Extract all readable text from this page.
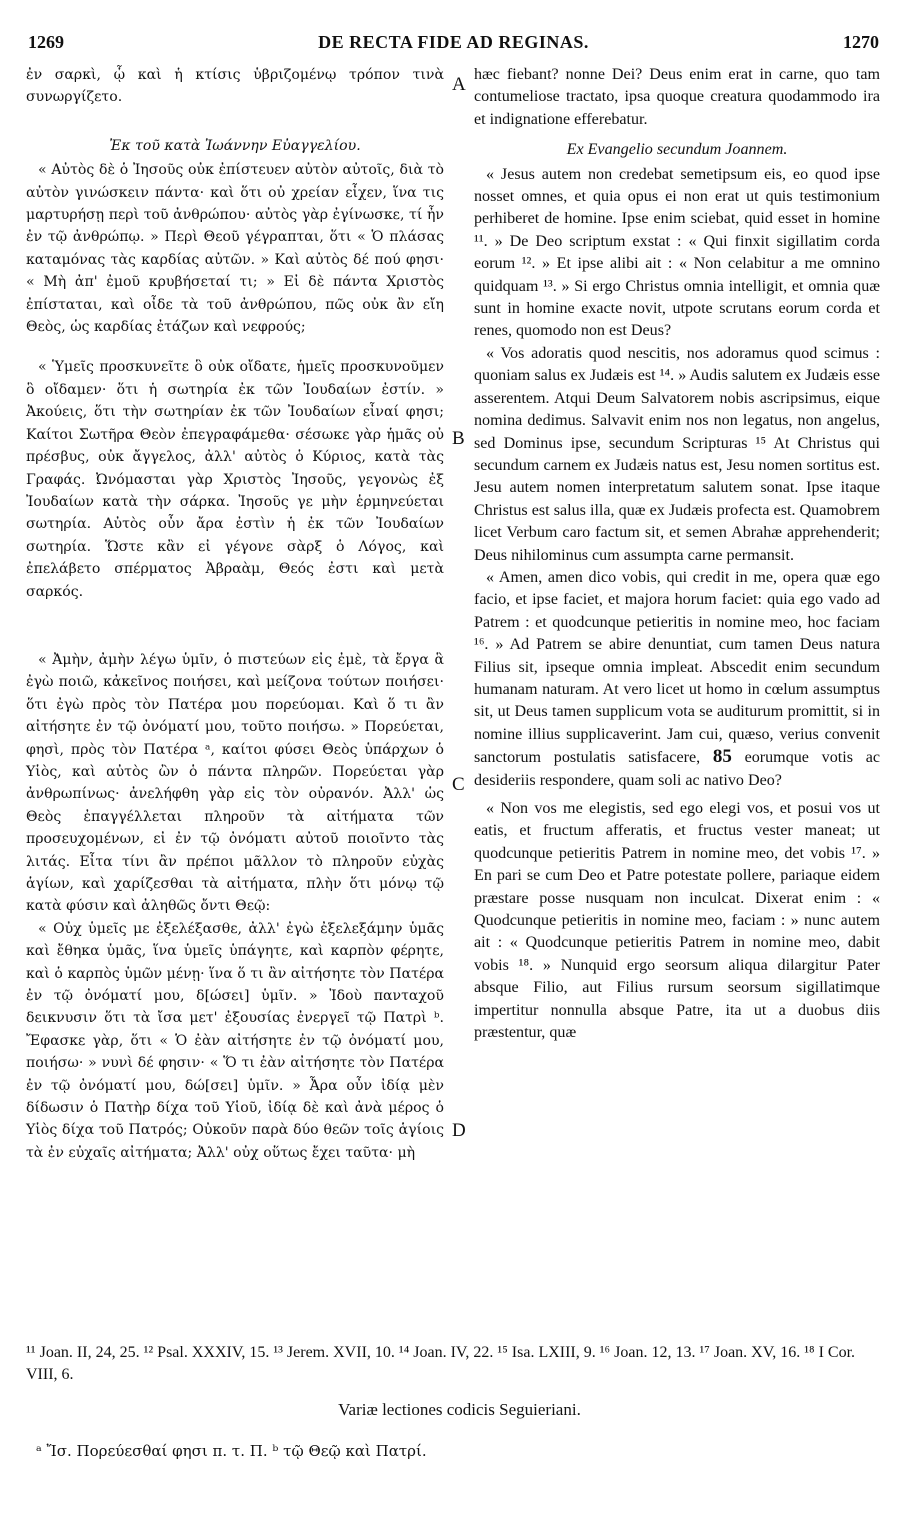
1269	DE RECTA FIDE AD REGINAS.	1270

ἐν σαρκὶ, ᾧ καὶ ἡ κτίσις ὑβριζομένῳ τρόπον τινὰ συνωργίζετο.

Ἐκ τοῦ κατὰ Ἰωάννην Εὐαγγελίου.

« Αὐτὸς δὲ ὁ Ἰησοῦς οὐκ ἐπίστευεν αὐτὸν αὐτοῖς, διὰ τὸ αὐτὸν γινώσκειν πάντα· καὶ ὅτι οὐ χρείαν εἶχεν, ἵνα τις μαρτυρήσῃ περὶ τοῦ ἀνθρώπου· αὐτὸς γὰρ ἐγίνωσκε, τί ἦν ἐν τῷ ἀνθρώπῳ. » Περὶ Θεοῦ γέγραπται, ὅτι « Ὁ πλάσας καταμόνας τὰς καρδίας αὐτῶν. » Καὶ αὐτὸς δέ πού φησι· « Μὴ ἀπ' ἐμοῦ κρυβήσεταί τι; » Εἰ δὲ πάντα Χριστὸς ἐπίσταται, καὶ οἶδε τὰ τοῦ ἀνθρώπου, πῶς οὐκ ἂν εἴη Θεὸς, ὡς καρδίας ἐτάζων καὶ νεφρούς;

« Ὑμεῖς προσκυνεῖτε ὃ οὐκ οἴδατε, ἡμεῖς προσκυνοῦμεν ὃ οἴδαμεν· ὅτι ἡ σωτηρία ἐκ τῶν Ἰουδαίων ἐστίν. » Ἀκούεις, ὅτι τὴν σωτηρίαν ἐκ τῶν Ἰουδαίων εἶναί φησι; Καίτοι Σωτῆρα Θεὸν ἐπεγραφάμεθα· σέσωκε γὰρ ἡμᾶς οὐ πρέσβυς, οὐκ ἄγγελος, ἀλλ' αὐτὸς ὁ Κύριος, κατὰ τὰς Γραφάς. Ὠνόμασται γὰρ Χριστὸς Ἰησοῦς, γεγονὼς ἐξ Ἰουδαίων κατὰ τὴν σάρκα. Ἰησοῦς γε μὴν ἑρμηνεύεται σωτηρία. Αὐτὸς οὖν ἄρα ἐστὶν ἡ ἐκ τῶν Ἰουδαίων σωτηρία. Ὥστε κἂν εἰ γέγονε σὰρξ ὁ Λόγος, καὶ ἐπελάβετο σπέρματος Ἀβραὰμ, Θεός ἐστι καὶ μετὰ σαρκός.

« Ἀμὴν, ἀμὴν λέγω ὑμῖν, ὁ πιστεύων εἰς ἐμὲ, τὰ ἔργα ἃ ἐγὼ ποιῶ, κἀκεῖνος ποιήσει, καὶ μείζονα τούτων ποιήσει· ὅτι ἐγὼ πρὸς τὸν Πατέρα μου πορεύομαι. Καὶ ὅ τι ἂν αἰτήσητε ἐν τῷ ὀνόματί μου, τοῦτο ποιήσω. » Πορεύεται, φησὶ, πρὸς τὸν Πατέρα ᵃ, καίτοι φύσει Θεὸς ὑπάρχων ὁ Υἱὸς, καὶ αὐτὸς ὢν ὁ πάντα πληρῶν. Πορεύεται γὰρ ἀνθρωπίνως· ἀνελήφθη γὰρ εἰς τὸν οὐρανόν. Ἀλλ' ὡς Θεὸς ἐπαγγέλλεται πληροῦν τὰ αἰτήματα τῶν προσευχομένων, εἰ ἐν τῷ ὀνόματι αὐτοῦ ποιοῖντο τὰς λιτάς. Εἶτα τίνι ἂν πρέποι μᾶλλον τὸ πληροῦν εὐχὰς ἁγίων, καὶ χαρίζεσθαι τὰ αἰτήματα, πλὴν ὅτι μόνῳ τῷ κατὰ φύσιν καὶ ἀληθῶς ὄντι Θεῷ:

« Οὐχ ὑμεῖς με ἐξελέξασθε, ἀλλ' ἐγὼ ἐξελεξάμην ὑμᾶς καὶ ἔθηκα ὑμᾶς, ἵνα ὑμεῖς ὑπάγητε, καὶ καρπὸν φέρητε, καὶ ὁ καρπὸς ὑμῶν μένῃ· ἵνα ὅ τι ἂν αἰτήσητε τὸν Πατέρα ἐν τῷ ὀνόματί μου, δ[ώσει] ὑμῖν. » Ἰδοὺ πανταχοῦ δεικνυσιν ὅτι τὰ ἴσα μετ' ἐξουσίας ἐνεργεῖ τῷ Πατρὶ ᵇ. Ἔφασκε γὰρ, ὅτι « Ὁ ἐὰν αἰτήσητε ἐν τῷ ὀνόματί μου, ποιήσω· » νυνὶ δέ φησιν· « Ὅ τι ἐὰν αἰτήσητε τὸν Πατέρα ἐν τῷ ὀνόματί μου, δώ[σει] ὑμῖν. » Ἆρα οὖν ἰδίᾳ μὲν δίδωσιν ὁ Πατὴρ δίχα τοῦ Υἱοῦ, ἰδίᾳ δὲ καὶ ἀνὰ μέρος ὁ Υἱὸς δίχα τοῦ Πατρός; Οὐκοῦν παρὰ δύο θεῶν τοῖς ἁγίοις τὰ ἐν εὐχαῖς αἰτήματα; Ἀλλ' οὐχ οὕτως ἔχει ταῦτα· μὴ

A
B
C
D

hæc fiebant? nonne Dei? Deus enim erat in carne, quo tam contumeliose tractato, ipsa quoque creatura quodammodo ira et indignatione efferebatur.

Ex Evangelio secundum Joannem.

« Jesus autem non credebat semetipsum eis, eo quod ipse nosset omnes, et quia opus ei non erat ut quis testimonium perhiberet de homine. Ipse enim sciebat, quid esset in homine ¹¹. » De Deo scriptum exstat : « Qui finxit sigillatim corda eorum ¹². » Et ipse alibi ait : « Non celabitur a me omnino quidquam ¹³. » Si ergo Christus omnia intelligit, et omnia quæ sunt in homine exacte novit, utpote scrutans eorum corda et renes, quomodo non est Deus?

« Vos adoratis quod nescitis, nos adoramus quod scimus : quoniam salus ex Judæis est ¹⁴. » Audis salutem ex Judæis esse asserentem. Atqui Deum Salvatorem nobis ascripsimus, eique nomina dedimus. Salvavit enim nos non legatus, non angelus, sed Dominus ipse, secundum Scripturas ¹⁵ At Christus qui secundum carnem ex Judæis natus est, Jesu nomen sortitus est. Jesu autem nomen interpretatum salutem sonat. Ipse itaque Christus est salus illa, quæ ex Judæis profecta est. Quamobrem licet Verbum caro factum sit, et semen Abrahæ apprehenderit; Deus nihilominus cum assumpta carne permansit.

« Amen, amen dico vobis, qui credit in me, opera quæ ego facio, et ipse faciet, et majora horum faciet: quia ego vado ad Patrem : et quodcunque petieritis in nomine meo, hoc faciam ¹⁶. » Ad Patrem se abire denuntiat, cum tamen Deus natura Filius sit, ipseque omnia impleat. Abscedit enim secundum humanam naturam. At vero licet ut homo in cœlum assumptus sit, ut Deus tamen supplicum vota se auditurum promittit, si in nomine illius supplicaverint. Jam cui, quæso, verius convenit sanctorum postulatis satisfacere, 85 eorumque votis ac desideriis respondere, quam soli ac nativo Deo?

« Non vos me elegistis, sed ego elegi vos, et posui vos ut eatis, et fructum afferatis, et fructus vester maneat; ut quodcunque petieritis Patrem in nomine meo, det vobis ¹⁷. » En pari se cum Deo et Patre potestate pollere, pariaque eidem præstare posse nusquam non inculcat. Dixerat enim : « Quodcunque petieritis in nomine meo, faciam : » nunc autem ait : « Quodcunque petieritis Patrem in nomine meo, dabit vobis ¹⁸. » Nunquid ergo seorsum aliqua dilargitur Pater absque Filio, aut Filius rursum seorsum sigillatimque impertitur nonnulla absque Patre, ita ut a duobus diis præstentur, quæ

¹¹ Joan. II, 24, 25. ¹² Psal. XXXIV, 15. ¹³ Jerem. XVII, 10. ¹⁴ Joan. IV, 22. ¹⁵ Isa. LXIII, 9. ¹⁶ Joan. 12, 13. ¹⁷ Joan. XV, 16. ¹⁸ I Cor. VIII, 6.
Variæ lectiones codicis Seguieriani.
ᵃ Ἴσ. Πορεύεσθαί φησι π. τ. Π. ᵇ τῷ Θεῷ καὶ Πατρί.
